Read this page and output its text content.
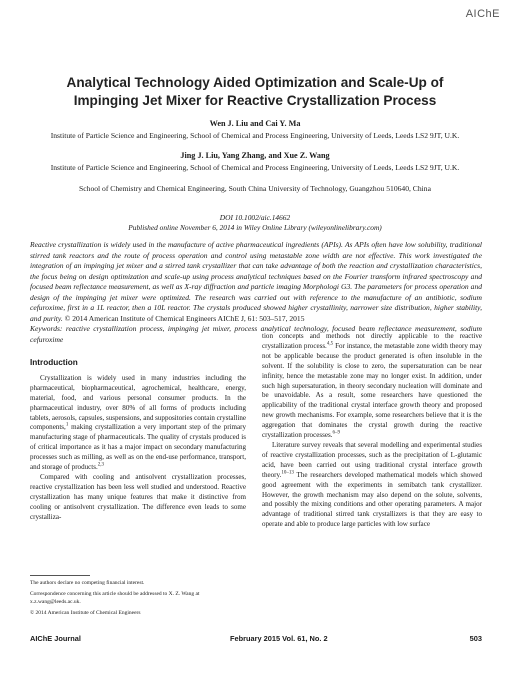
AIChE
Analytical Technology Aided Optimization and Scale-Up of Impinging Jet Mixer for Reactive Crystallization Process
Wen J. Liu and Cai Y. Ma
Institute of Particle Science and Engineering, School of Chemical and Process Engineering, University of Leeds, Leeds LS2 9JT, U.K.
Jing J. Liu, Yang Zhang, and Xue Z. Wang
Institute of Particle Science and Engineering, School of Chemical and Process Engineering, University of Leeds, Leeds LS2 9JT, U.K.
School of Chemistry and Chemical Engineering, South China University of Technology, Guangzhou 510640, China
DOI 10.1002/aic.14662
Published online November 6, 2014 in Wiley Online Library (wileyonlinelibrary.com)
Reactive crystallization is widely used in the manufacture of active pharmaceutical ingredients (APIs). As APIs often have low solubility, traditional stirred tank reactors and the route of process operation and control using metastable zone width are not effective. This work investigated the integration of an impinging jet mixer and a stirred tank crystallizer that can take advantage of both the reaction and crystallization characteristics, the focus being on design optimization and scale-up using process analytical techniques based on the Fourier transform infrared spectroscopy and focused beam reflectance measurement, as well as X-ray diffraction and particle imaging Morphologi G3. The parameters for process operation and design of the impinging jet mixer were optimized. The research was carried out with reference to the manufacture of an antibiotic, sodium cefuroxime, first in a 1L reactor, then a 10L reactor. The crystals produced showed higher crystallinity, narrower size distribution, higher stability, and purity. © 2014 American Institute of Chemical Engineers AIChE J, 61: 503–517, 2015
Keywords: reactive crystallization process, impinging jet mixer, process analytical technology, focused beam reflectance measurement, sodium cefuroxime
Introduction

Crystallization is widely used in many industries including the pharmaceutical, biopharmaceutical, agrochemical, healthcare, energy, material, food, and various personal consumer products. In the pharmaceutical industry, over 80% of all forms of products including tablets, aerosols, capsules, suspensions, and suppositories contain crystalline components,$^1$ making crystallization a very important step of the primary manufacturing stage of pharmaceuticals. The quality of crystals produced is of critical importance as it has a major impact on secondary manufacturing processes such as milling, as well as on the end-use performance, transport, and storage of products.$^{2,3}$

Compared with cooling and antisolvent crystallization processes, reactive crystallization has been less well studied and understood. Reactive crystallization has many unique features that make it distinctive from cooling or antisolvent crystallization. The difference even leads to some crystalliza-

tion concepts and methods not directly applicable to the reactive crystallization process.$^{4,5}$ For instance, the metastable zone width theory may not be applicable because the product generated is often insoluble in the solvent. If the solubility is close to zero, the supersaturation can be near infinity, hence the metastable zone may no longer exist. In addition, under such high supersaturation, in theory secondary nucleation will dominate and be unavoidable. As a result, some researchers have questioned the applicability of the traditional crystal interface growth theory and proposed new growth mechanisms. For example, some researchers believe that it is the aggregation that dominates the crystal growth during the reactive crystallization processes.$^{6-9}$

Literature survey reveals that several modelling and experimental studies of reactive crystallization processes, such as the precipitation of L-glutamic acid, have been carried out using traditional crystal interface growth theory.$^{10-13}$ The researchers developed mathematical models which showed good agreement with the experiments in semibatch tank crystallizer. However, the growth mechanism may also depend on the solute, solvents, and possibly the mixing conditions and other operating parameters. A major advantage of traditional stirred tank crystallizers is that they are easy to operate and able to produce large particles with low surface

The authors declare no competing financial interest.
Correspondence concerning this article should be addressed to X. Z. Wang at x.z.wang@leeds.ac.uk.
© 2014 American Institute of Chemical Engineers
AIChE Journal	February 2015 Vol. 61, No. 2	503
